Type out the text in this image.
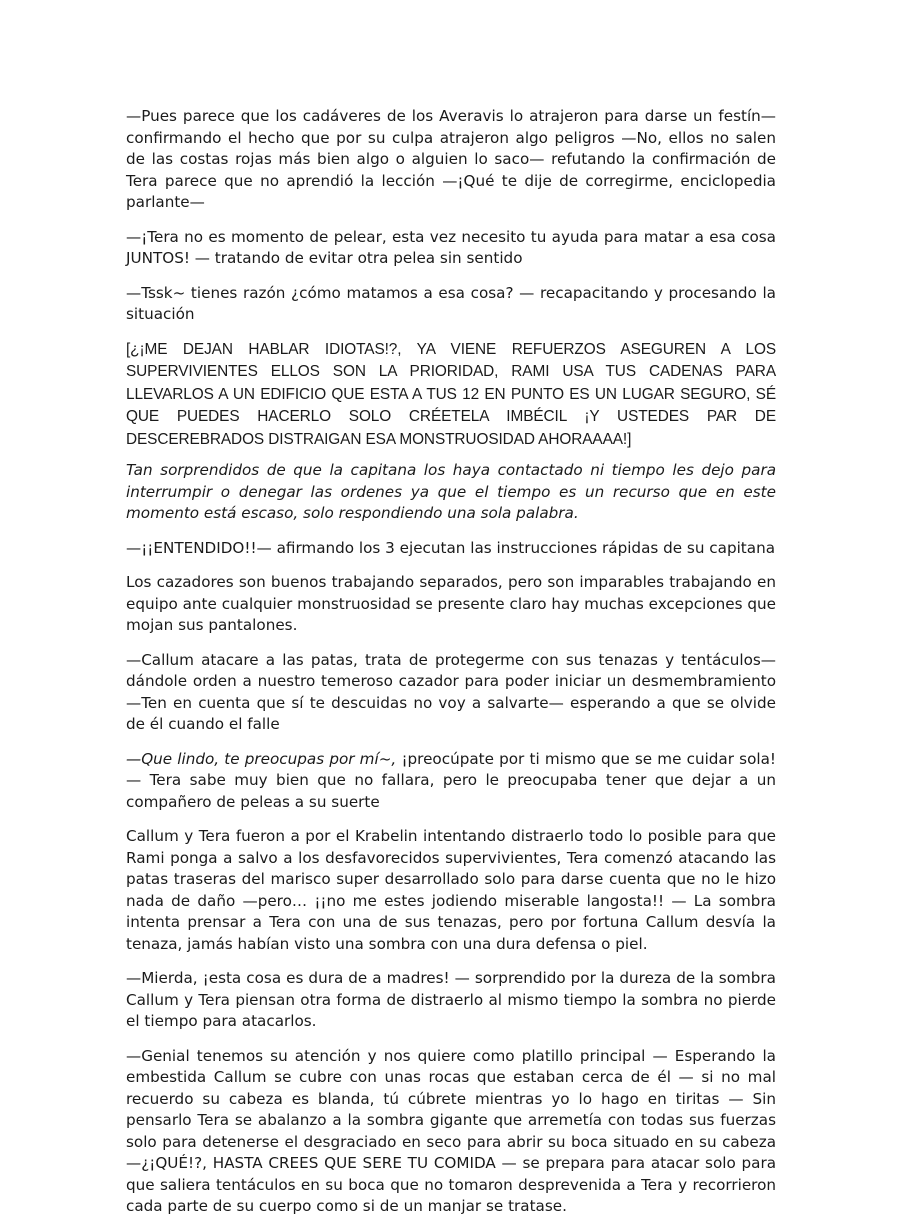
—Pues parece que los cadáveres de los Averavis lo atrajeron para darse un festín— confirmando el hecho que por su culpa atrajeron algo peligros —No, ellos no salen de las costas rojas más bien algo o alguien lo saco— refutando la confirmación de Tera parece que no aprendió la lección —¡Qué te dije de corregirme, enciclopedia parlante—

—¡Tera no es momento de pelear, esta vez necesito tu ayuda para matar a esa cosa JUNTOS! — tratando de evitar otra pelea sin sentido

—Tssk~ tienes razón ¿cómo matamos a esa cosa? — recapacitando y procesando la situación

[¿¡ME DEJAN HABLAR IDIOTAS!?, YA VIENE REFUERZOS ASEGUREN A LOS SUPERVIVIENTES ELLOS SON LA PRIORIDAD, RAMI USA TUS CADENAS PARA LLEVARLOS A UN EDIFICIO QUE ESTA A TUS 12 EN PUNTO ES UN LUGAR SEGURO, SÉ QUE PUEDES HACERLO SOLO CRÉETELA IMBÉCIL ¡Y USTEDES PAR DE DESCEREBRADOS DISTRAIGAN ESA MONSTRUOSIDAD AHORAAAA!]

Tan sorprendidos de que la capitana los haya contactado ni tiempo les dejo para interrumpir o denegar las ordenes ya que el tiempo es un recurso que en este momento está escaso, solo respondiendo una sola palabra.

—¡¡ENTENDIDO!!— afirmando los 3 ejecutan las instrucciones rápidas de su capitana

Los cazadores son buenos trabajando separados, pero son imparables trabajando en equipo ante cualquier monstruosidad se presente claro hay muchas excepciones que mojan sus pantalones.

—Callum atacare a las patas, trata de protegerme con sus tenazas y tentáculos— dándole orden a nuestro temeroso cazador para poder iniciar un desmembramiento —Ten en cuenta que sí te descuidas no voy a salvarte— esperando a que se olvide de él cuando el falle

—Que lindo, te preocupas por mí~, ¡preocúpate por ti mismo que se me cuidar sola! — Tera sabe muy bien que no fallara, pero le preocupaba tener que dejar a un compañero de peleas a su suerte

Callum y Tera fueron a por el Krabelin intentando distraerlo todo lo posible para que Rami ponga a salvo a los desfavorecidos supervivientes, Tera comenzó atacando las patas traseras del marisco super desarrollado solo para darse cuenta que no le hizo nada de daño —pero… ¡¡no me estes jodiendo miserable langosta!! — La sombra intenta prensar a Tera con una de sus tenazas, pero por fortuna Callum desvía la tenaza, jamás habían visto una sombra con una dura defensa o piel.

—Mierda, ¡esta cosa es dura de a madres! — sorprendido por la dureza de la sombra Callum y Tera piensan otra forma de distraerlo al mismo tiempo la sombra no pierde el tiempo para atacarlos.

—Genial tenemos su atención y nos quiere como platillo principal — Esperando la embestida Callum se cubre con unas rocas que estaban cerca de él — si no mal recuerdo su cabeza es blanda, tú cúbrete mientras yo lo hago en tiritas — Sin pensarlo Tera se abalanzo a la sombra gigante que arremetía con todas sus fuerzas solo para detenerse el desgraciado en seco para abrir su boca situado en su cabeza —¿¡QUÉ!?, HASTA CREES QUE SERE TU COMIDA — se prepara para atacar solo para que saliera tentáculos en su boca que no tomaron desprevenida a Tera y recorrieron cada parte de su cuerpo como si de un manjar se tratase.
